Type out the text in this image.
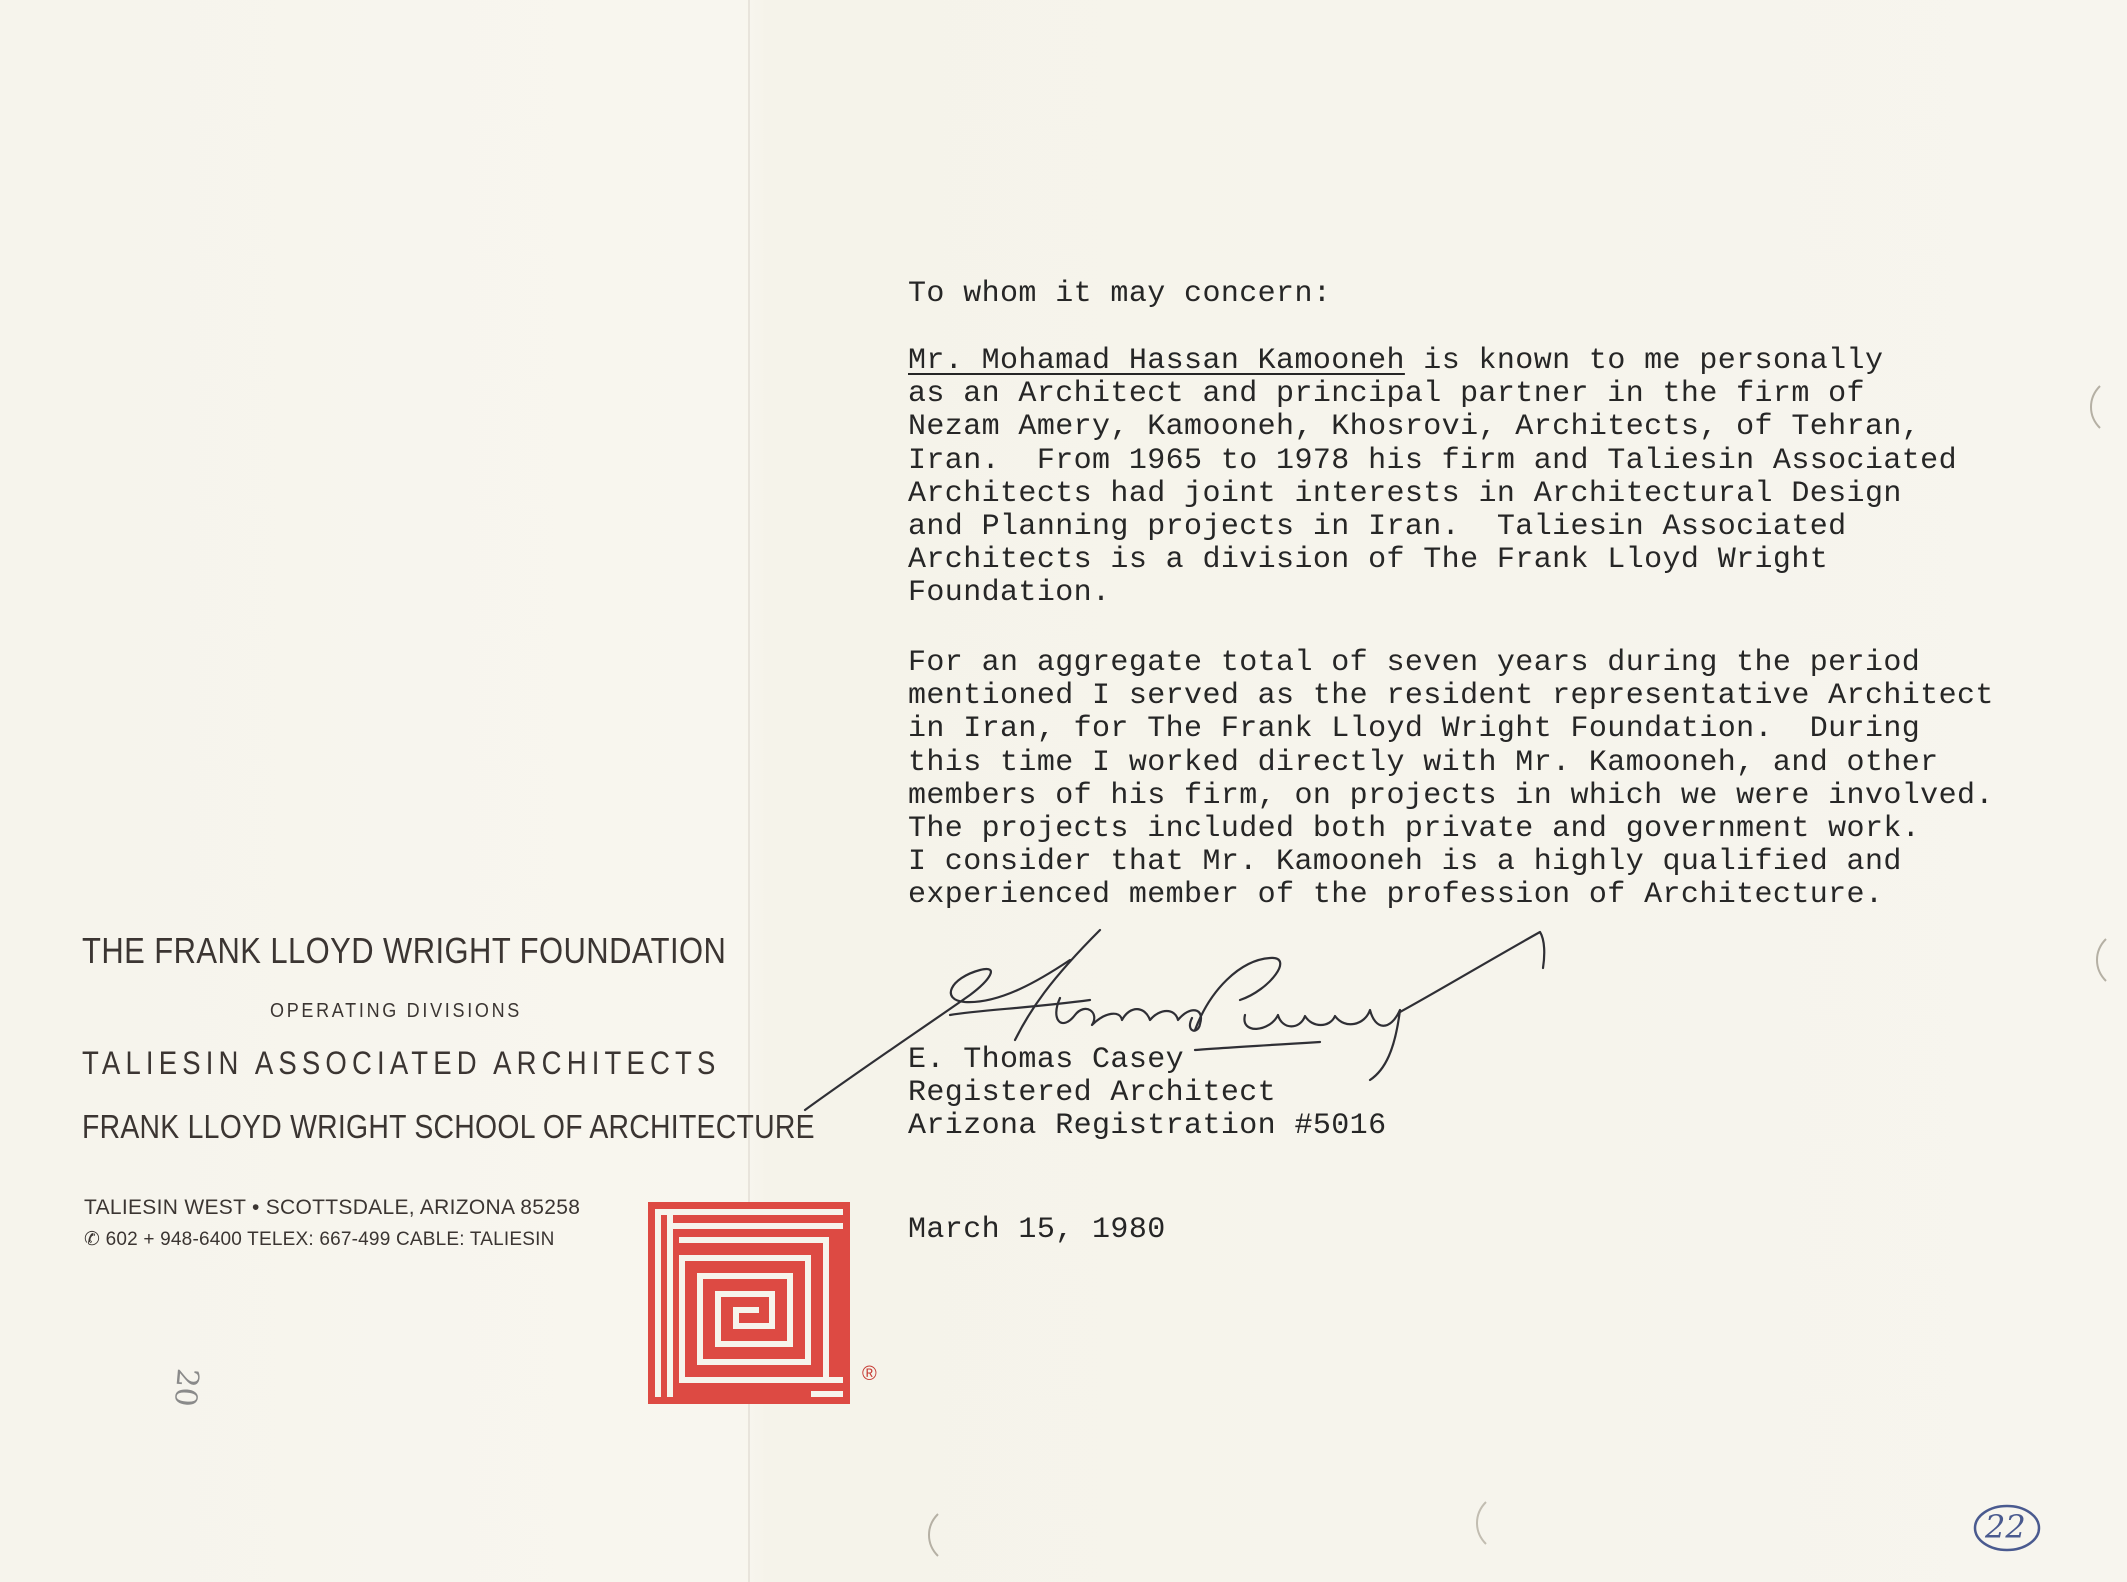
THE FRANK LLOYD WRIGHT FOUNDATION
OPERATING DIVISIONS
TALIESIN ASSOCIATED ARCHITECTS
FRANK LLOYD WRIGHT SCHOOL OF ARCHITECTURE
TALIESIN WEST • SCOTTSDALE, ARIZONA 85258
✆ 602 + 948-6400 TELEX: 667-499 CABLE: TALIESIN
®
To whom it may concern:
Mr. Mohamad Hassan Kamooneh is known to me personally
as an Architect and principal partner in the firm of
Nezam Amery, Kamooneh, Khosrovi, Architects, of Tehran,
Iran.  From 1965 to 1978 his firm and Taliesin Associated
Architects had joint interests in Architectural Design
and Planning projects in Iran.  Taliesin Associated
Architects is a division of The Frank Lloyd Wright
Foundation.
For an aggregate total of seven years during the period
mentioned I served as the resident representative Architect
in Iran, for The Frank Lloyd Wright Foundation.  During
this time I worked directly with Mr. Kamooneh, and other
members of his firm, on projects in which we were involved.
The projects included both private and government work.
I consider that Mr. Kamooneh is a highly qualified and
experienced member of the profession of Architecture.
E. Thomas Casey
Registered Architect
Arizona Registration #5016
March 15, 1980
20
22
